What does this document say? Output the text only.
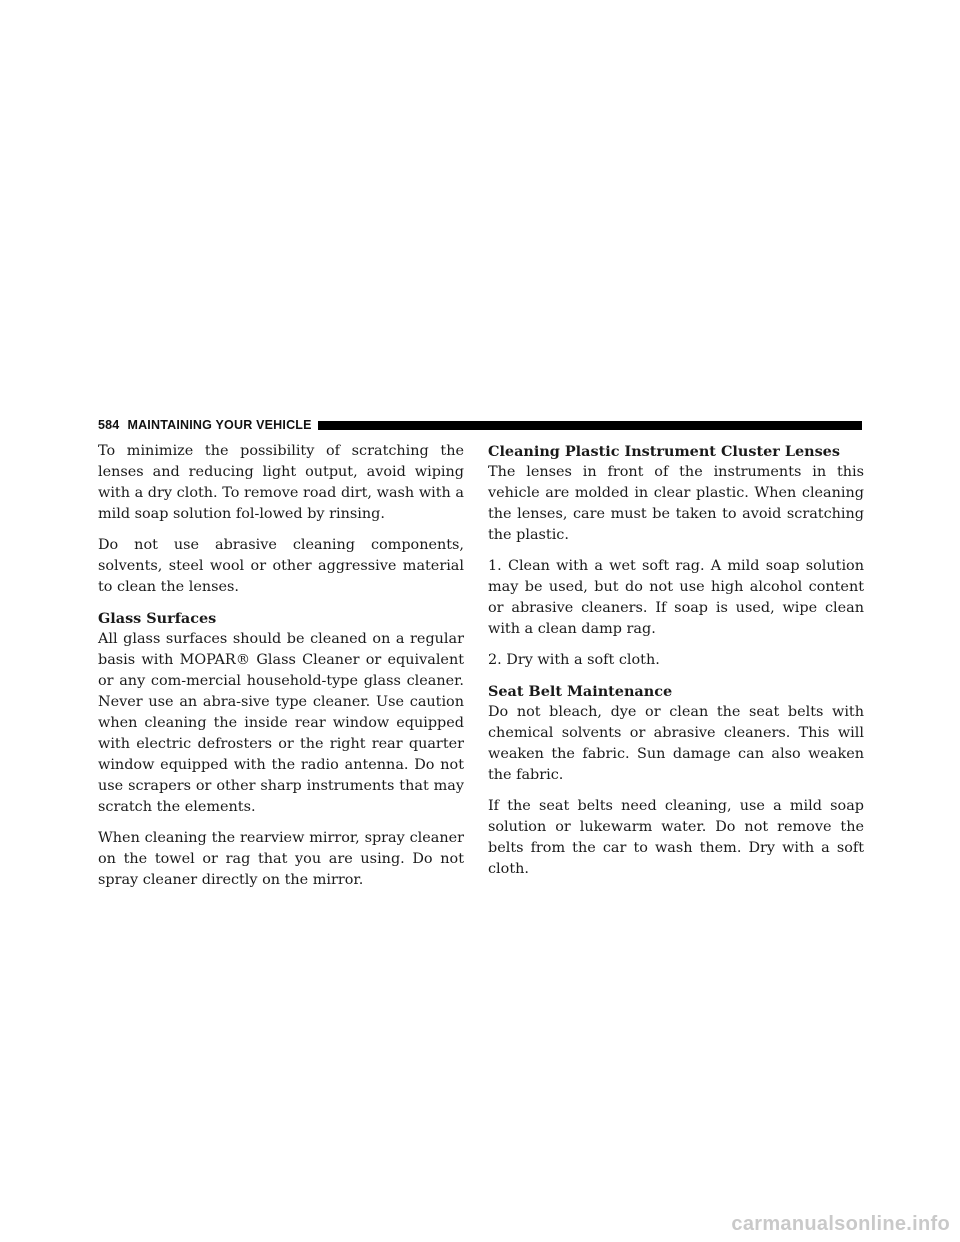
584 MAINTAINING YOUR VEHICLE

To minimize the possibility of scratching the lenses and reducing light output, avoid wiping with a dry cloth. To remove road dirt, wash with a mild soap solution fol-lowed by rinsing.

Do not use abrasive cleaning components, solvents, steel wool or other aggressive material to clean the lenses.

Glass Surfaces

All glass surfaces should be cleaned on a regular basis with MOPAR® Glass Cleaner or equivalent or any com-mercial household-type glass cleaner. Never use an abra-sive type cleaner. Use caution when cleaning the inside rear window equipped with electric defrosters or the right rear quarter window equipped with the radio antenna. Do not use scrapers or other sharp instruments that may scratch the elements.

When cleaning the rearview mirror, spray cleaner on the towel or rag that you are using. Do not spray cleaner directly on the mirror.

Cleaning Plastic Instrument Cluster Lenses

The lenses in front of the instruments in this vehicle are molded in clear plastic. When cleaning the lenses, care must be taken to avoid scratching the plastic.

1. Clean with a wet soft rag. A mild soap solution may be used, but do not use high alcohol content or abrasive cleaners. If soap is used, wipe clean with a clean damp rag.

2. Dry with a soft cloth.

Seat Belt Maintenance

Do not bleach, dye or clean the seat belts with chemical solvents or abrasive cleaners. This will weaken the fabric. Sun damage can also weaken the fabric.

If the seat belts need cleaning, use a mild soap solution or lukewarm water. Do not remove the belts from the car to wash them. Dry with a soft cloth.

carmanualsonline.info
